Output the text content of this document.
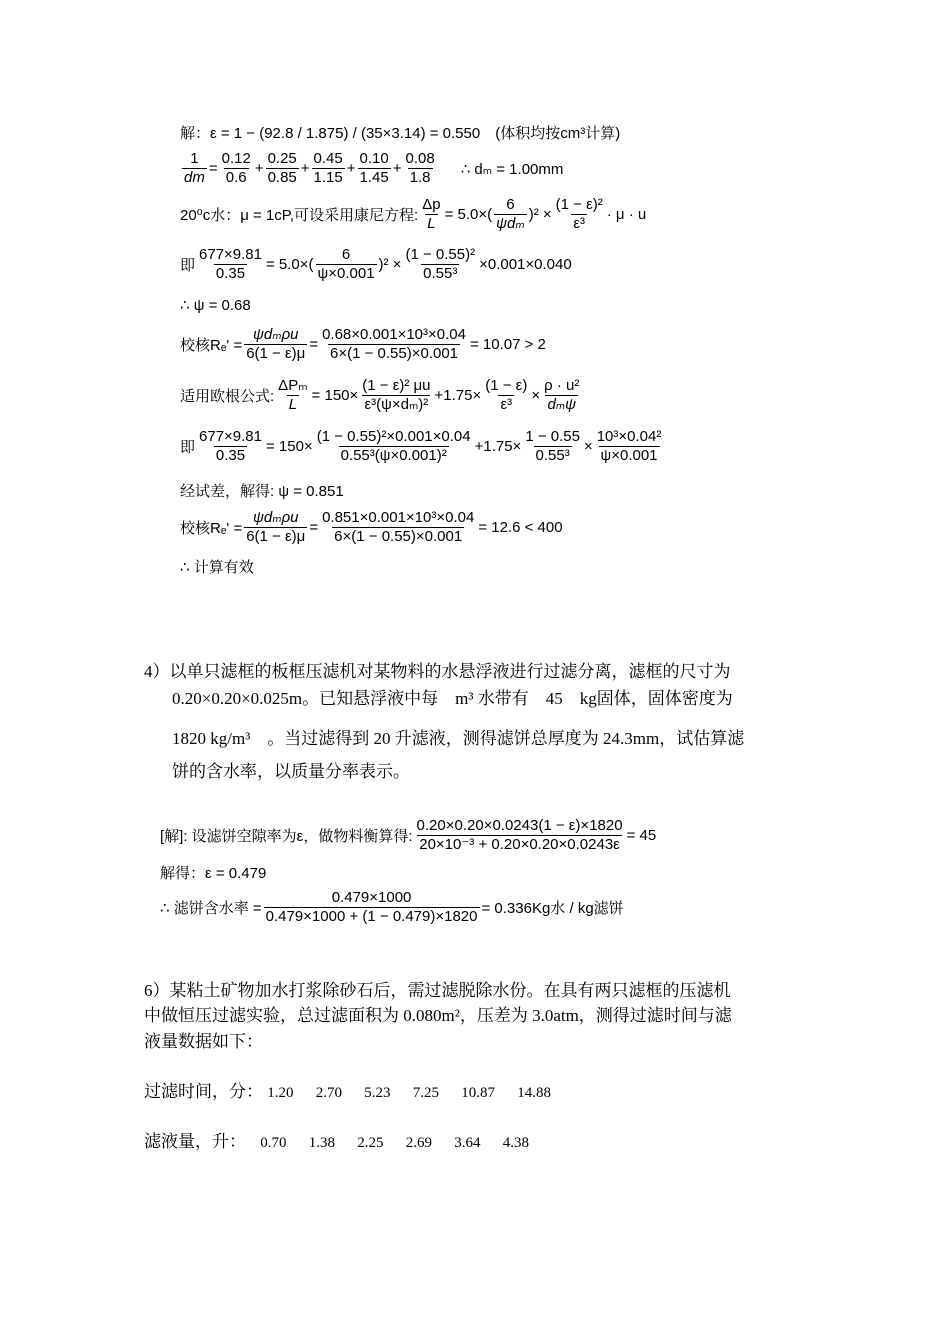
解：ε = 1 − (92.8 / 1.875) / (35×3.14) = 0.550　(体积均按cm³计算)
$\frac{1}{dm} = \frac{0.12}{0.6} + \frac{0.25}{0.85} + \frac{0.45}{1.15} + \frac{0.10}{1.45} + \frac{0.08}{1.8}$ ∴ dₘ = 1.00mm
20⁰c水：μ = 1cP,可设采用康尼方程: $\frac{\Delta p}{L} = 5.0\times( \frac{6}{\text{ψdₘ}} )^2 \times \frac{\text{(1 − ε)²}}{\text{ε³}} \cdot \mu \cdot u$
即 $\frac{677\times 9.81}{0.35} = 5.0\times( \frac{6}{\psi\times 0.001} )^2 \times \frac{\text{(1 − 0.55)²}}{\text{0.55³}} \times 0.001\times 0.040$
∴ ψ = 0.68
校核$R_e' = \frac{\text{ψdₘρu}}{6(1 - \varepsilon)\mu} = \frac{\text{0.68×0.001×10³×0.04}}{6\times(1 - 0.55)\times 0.001} = 10.07 > 2$
适用欧根公式: $\frac{\text{ΔPₘ}}{L} = 150\times \frac{\text{(1 − ε)² μu}}{\text{ε³(ψ×dₘ)²}} +1.75\times \frac{(1 - \varepsilon)}{\text{ε³}} \times \frac{\text{ρ · u²}}{\text{dₘψ}}$
即 $\frac{677\times 9.81}{0.35} = 150\times \frac{\text{(1 − 0.55)²×0.001×0.04}}{\text{0.55³(ψ×0.001)²}} +1.75\times \frac{1 - 0.55}{\text{0.55³}} \times \frac{\text{10³×0.04²}}{\psi\times 0.001}$
经试差，解得: ψ = 0.851
校核$R_e' = \frac{\text{ψdₘρu}}{6(1 - \varepsilon)\mu} = \frac{\text{0.851×0.001×10³×0.04}}{6\times(1 - 0.55)\times 0.001} = 12.6 < 400$
∴ 计算有效
4）以单只滤框的板框压滤机对某物料的水悬浮液进行过滤分离，滤框的尺寸为
0.20×0.20×0.025m。已知悬浮液中每　m³ 水带有　45　kg固体，固体密度为
1820 kg/m³　。当过滤得到 20 升滤液，测得滤饼总厚度为 24.3mm，试估算滤
饼的含水率，以质量分率表示。
[解]: 设滤饼空隙率为ε，做物料衡算得: $\frac{0.20\times 0.20\times 0.0243(1 - \varepsilon)\times 1820}{\text{20×10⁻³ + 0.20×0.20×0.0243ε}} = 45$
解得：ε = 0.479
∴ 滤饼含水率 = $\frac{0.479\times 1000}{0.479\times 1000 + (1 - 0.479)\times 1820} = 0.336Kg$水 / kg滤饼
6）某粘土矿物加水打浆除砂石后，需过滤脱除水份。在具有两只滤框的压滤机
中做恒压过滤实验，总过滤面积为 0.080m²，压差为 3.0atm，测得过滤时间与滤
液量数据如下：
过滤时间，分： 1.20 2.70 5.23 7.25 10.87 14.88
滤液量，升： 0.70 1.38 2.25 2.69 3.64 4.38
